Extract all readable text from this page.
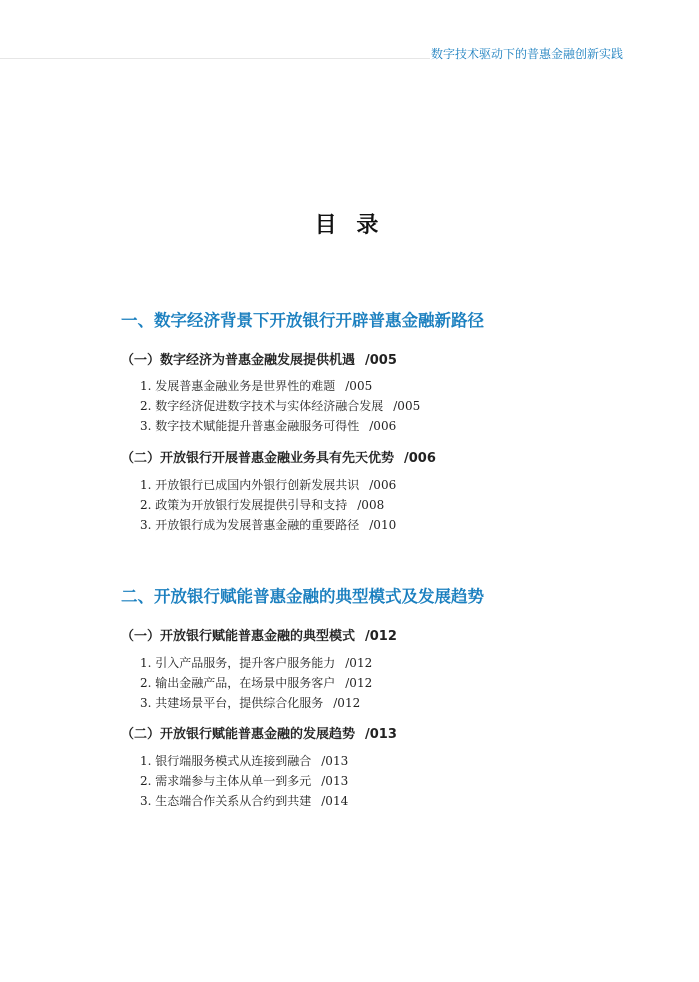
数字技术驱动下的普惠金融创新实践
目 录
一、数字经济背景下开放银行开辟普惠金融新路径
（一）数字经济为普惠金融发展提供机遇 /005
1. 发展普惠金融业务是世界性的难题 /005
2. 数字经济促进数字技术与实体经济融合发展 /005
3. 数字技术赋能提升普惠金融服务可得性 /006
（二）开放银行开展普惠金融业务具有先天优势 /006
1. 开放银行已成国内外银行创新发展共识 /006
2. 政策为开放银行发展提供引导和支持 /008
3. 开放银行成为发展普惠金融的重要路径 /010
二、开放银行赋能普惠金融的典型模式及发展趋势
（一）开放银行赋能普惠金融的典型模式 /012
1. 引入产品服务，提升客户服务能力 /012
2. 输出金融产品，在场景中服务客户 /012
3. 共建场景平台，提供综合化服务 /012
（二）开放银行赋能普惠金融的发展趋势 /013
1. 银行端服务模式从连接到融合 /013
2. 需求端参与主体从单一到多元 /013
3. 生态端合作关系从合约到共建 /014
